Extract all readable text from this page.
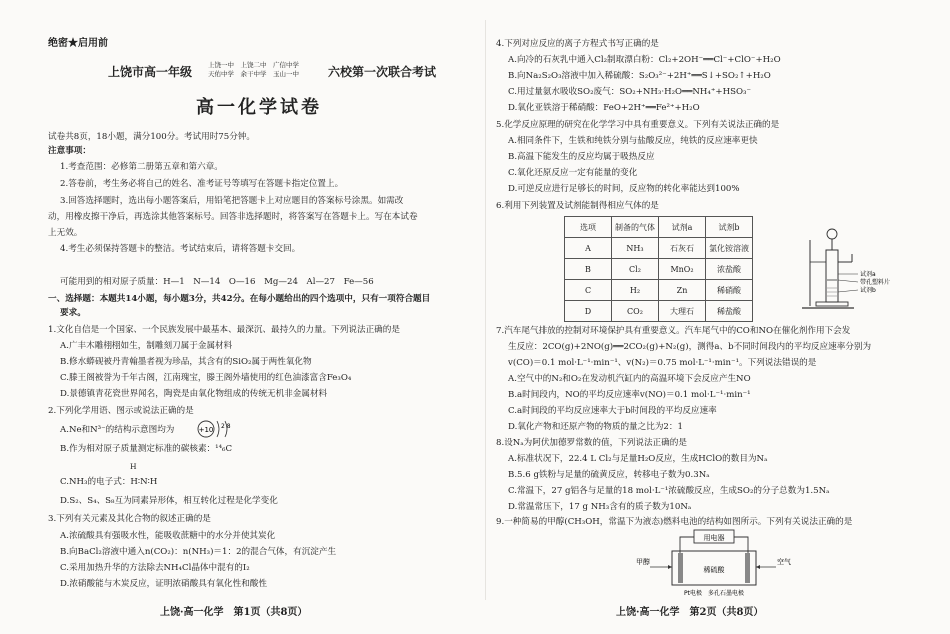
绝密★启用前
上饶市高一年级 上饶一中　上饶二中　广信中学
天佑中学　余干中学　玉山一中 六校第一次联合考试
高一化学试卷
试卷共8页，18小题，满分100分。考试用时75分钟。
注意事项：
1.考查范围：必修第二册第五章和第六章。
2.答卷前，考生务必将自己的姓名、准考证号等填写在答题卡指定位置上。
3.回答选择题时，选出每小题答案后，用铅笔把答题卡上对应题目的答案标号涂黑。如需改
动，用橡皮擦干净后，再选涂其他答案标号。回答非选择题时，将答案写在答题卡上。写在本试卷
上无效。
4.考生必须保持答题卡的整洁。考试结束后，请将答题卡交回。
可能用到的相对原子质量：H—1　N—14　O—16　Mg—24　Al—27　Fe—56
一、选择题：本题共14小题，每小题3分，共42分。在每小题给出的四个选项中，只有一项符合题目
要求。
1.文化自信是一个国家、一个民族发展中最基本、最深沉、最持久的力量。下列说法正确的是
A.广丰木雕栩栩如生，制雕刻刀属于金属材料
B.修水蟒砚被丹青翰墨者视为珍品，其含有的SiO₂属于两性氧化物
C.滕王阁被誉为千年古阁，江南瑰宝，滕王阁外墙使用的红色油漆富含Fe₃O₄
D.景德镇青花瓷世界闻名，陶瓷是由氧化物组成的传统无机非金属材料
2.下列化学用语、图示或说法正确的是
A.Ne和N³⁻的结构示意图均为	+10 2 8
B.作为相对原子质量测定标准的碳核素：¹⁴₆C
H
C.NH₃的电子式：H∶N∶H
D.S₂、S₄、S₈互为同素异形体，相互转化过程是化学变化
3.下列有关元素及其化合物的叙述正确的是
A.浓硫酸具有强吸水性，能吸收蔗糖中的水分并使其炭化
B.向BaCl₂溶液中通入n(CO₂)：n(NH₃)＝1：2的混合气体，有沉淀产生
C.采用加热升华的方法除去NH₄Cl晶体中混有的I₂
D.浓硝酸能与木炭反应，证明浓硝酸具有氧化性和酸性
上饶·高一化学　第1页（共8页）
4.下列对应反应的离子方程式书写正确的是
A.向冷的石灰乳中通入Cl₂制取漂白粉：Cl₂+2OH⁻══Cl⁻+ClO⁻+H₂O
B.向Na₂S₂O₃溶液中加入稀硫酸：S₂O₃²⁻+2H⁺══S↓+SO₂↑+H₂O
C.用过量氨水吸收SO₂废气：SO₂+NH₃·H₂O══NH₄⁺+HSO₃⁻
D.氧化亚铁溶于稀硝酸：FeO+2H⁺══Fe²⁺+H₂O
5.化学反应原理的研究在化学学习中具有重要意义。下列有关说法正确的是
A.相同条件下，生铁和纯铁分别与盐酸反应，纯铁的反应速率更快
B.高温下能发生的反应均属于吸热反应
C.氧化还原反应一定有能量的变化
D.可逆反应进行足够长的时间，反应物的转化率能达到100%
6.利用下列装置及试剂能制得相应气体的是
选项	制备的气体	试剂a	试剂b
A	NH₃	石灰石	氯化铵溶液
B	Cl₂	MnO₂	浓盐酸
C	H₂	Zn	稀硝酸
D	CO₂	大理石	稀盐酸
试剂a
带孔塑料片
试剂b
7.汽车尾气排放的控制对环境保护具有重要意义。汽车尾气中的CO和NO在催化剂作用下会发
生反应：2CO(g)+2NO(g)══2CO₂(g)+N₂(g)，测得a、b不同时间段内的平均反应速率分别为
v(CO)＝0.1 mol·L⁻¹·min⁻¹、v(N₂)＝0.75 mol·L⁻¹·min⁻¹。下列说法错误的是
A.空气中的N₂和O₂在发动机汽缸内的高温环境下会反应产生NO
B.a时间段内，NO的平均反应速率v(NO)＝0.1 mol·L⁻¹·min⁻¹
C.a时间段的平均反应速率大于b时间段的平均反应速率
D.氧化产物和还原产物的物质的量之比为2：1
8.设Nₐ为阿伏加德罗常数的值，下列说法正确的是
A.标准状况下，22.4 L Cl₂与足量H₂O反应，生成HClO的数目为Nₐ
B.5.6 g铁粉与足量的硫黄反应，转移电子数为0.3Nₐ
C.常温下，27 g铝各与足量的18 mol·L⁻¹浓硫酸反应，生成SO₂的分子总数为1.5Nₐ
D.常温常压下，17 g NH₃含有的质子数为10Nₐ
9.一种简易的甲醇(CH₃OH，常温下为液态)燃料电池的结构如图所示。下列有关说法正确的是
用电器
稀硫酸
甲醇	空气
Pt电极　多孔石墨电极
上饶·高一化学　第2页（共8页）
